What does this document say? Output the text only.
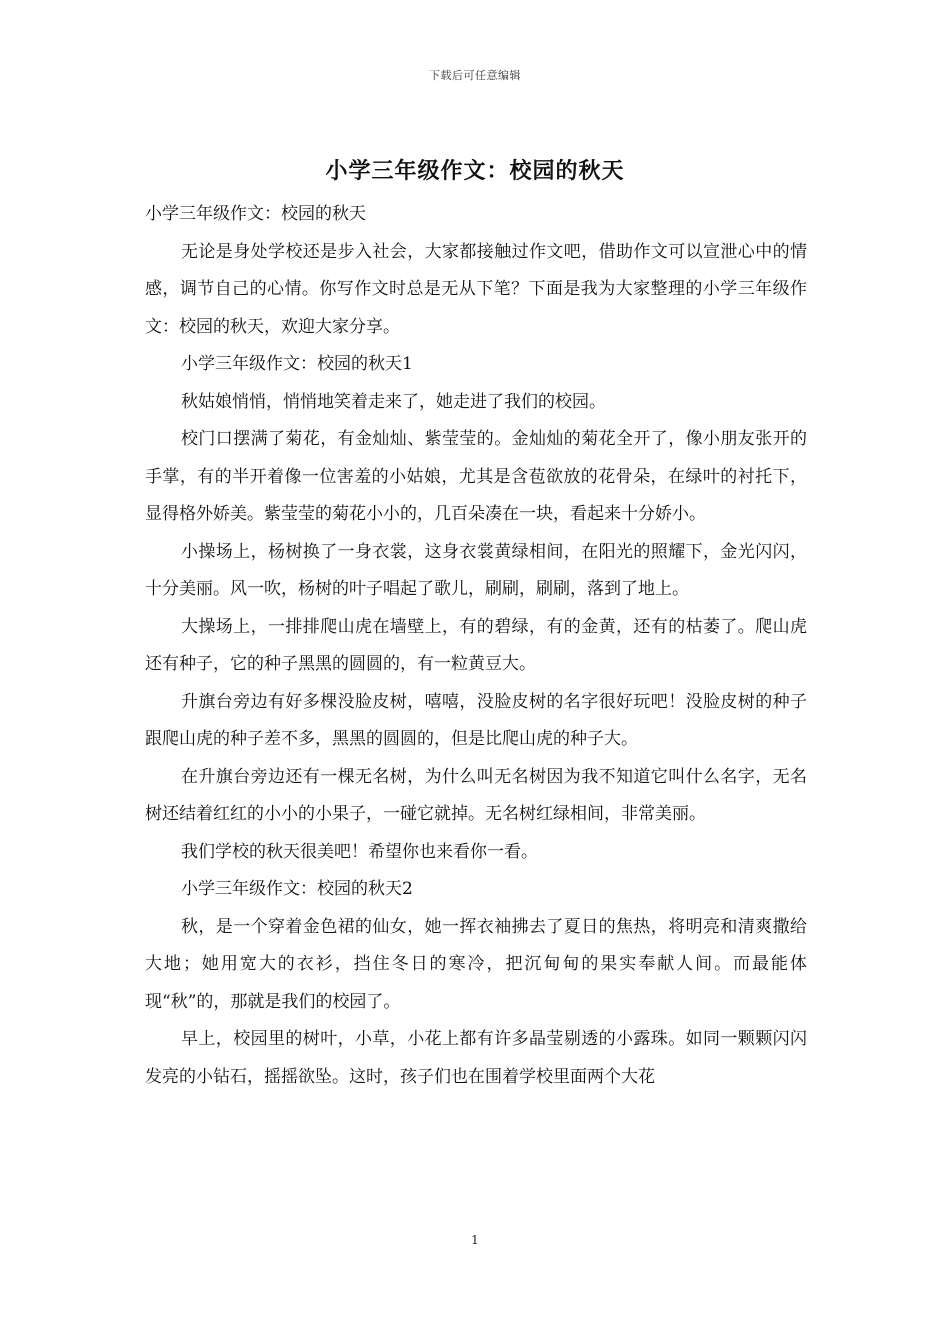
下载后可任意编辑
小学三年级作文：校园的秋天

小学三年级作文：校园的秋天

无论是身处学校还是步入社会，大家都接触过作文吧，借助作文可以宣泄心中的情感，调节自己的心情。你写作文时总是无从下笔？下面是我为大家整理的小学三年级作文：校园的秋天，欢迎大家分享。

小学三年级作文：校园的秋天1

秋姑娘悄悄，悄悄地笑着走来了，她走进了我们的校园。

校门口摆满了菊花，有金灿灿、紫莹莹的。金灿灿的菊花全开了，像小朋友张开的手掌，有的半开着像一位害羞的小姑娘，尤其是含苞欲放的花骨朵，在绿叶的衬托下，显得格外娇美。紫莹莹的菊花小小的，几百朵凑在一块，看起来十分娇小。

小操场上，杨树换了一身衣裳，这身衣裳黄绿相间，在阳光的照耀下，金光闪闪，十分美丽。风一吹，杨树的叶子唱起了歌儿，刷刷，刷刷，落到了地上。

大操场上，一排排爬山虎在墙壁上，有的碧绿，有的金黄，还有的枯萎了。爬山虎还有种子，它的种子黑黑的圆圆的，有一粒黄豆大。

升旗台旁边有好多棵没脸皮树，嘻嘻，没脸皮树的名字很好玩吧！没脸皮树的种子跟爬山虎的种子差不多，黑黑的圆圆的，但是比爬山虎的种子大。

在升旗台旁边还有一棵无名树，为什么叫无名树因为我不知道它叫什么名字，无名树还结着红红的小小的小果子，一碰它就掉。无名树红绿相间，非常美丽。

我们学校的秋天很美吧！希望你也来看你一看。

小学三年级作文：校园的秋天2

秋，是一个穿着金色裙的仙女，她一挥衣袖拂去了夏日的焦热，将明亮和清爽撒给大地；她用宽大的衣衫，挡住冬日的寒冷，把沉甸甸的果实奉献人间。而最能体现“秋”的，那就是我们的校园了。

早上，校园里的树叶，小草，小花上都有许多晶莹剔透的小露珠。如同一颗颗闪闪发亮的小钻石，摇摇欲坠。这时，孩子们也在围着学校里面两个大花

1
